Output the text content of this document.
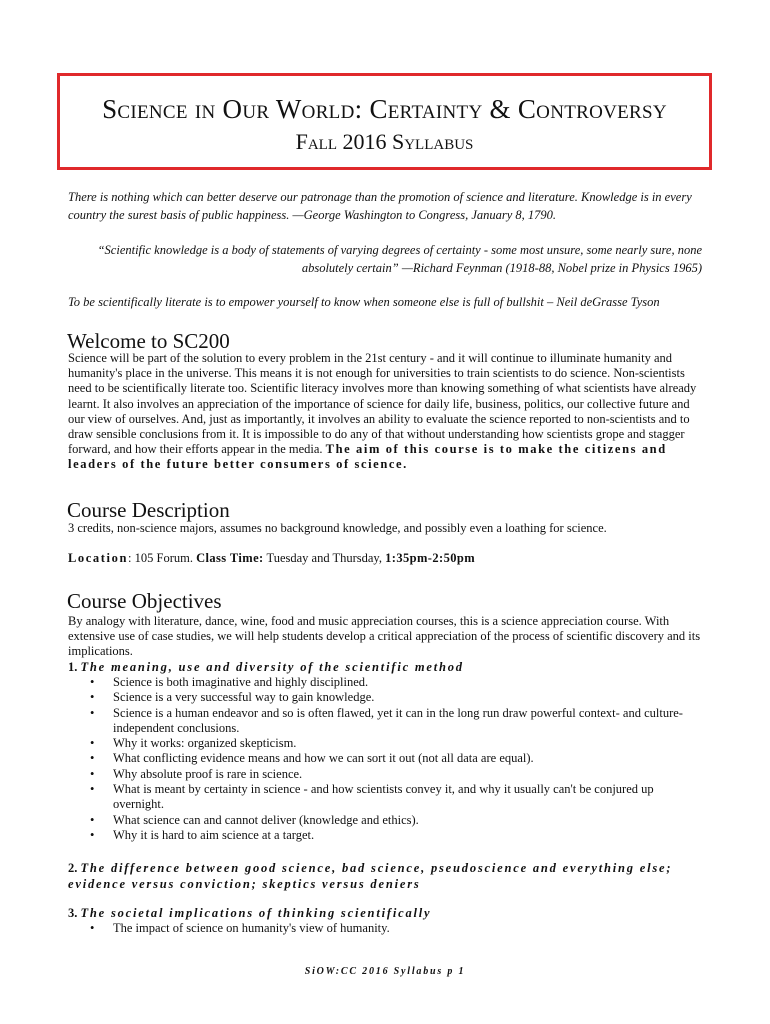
Science in Our World: Certainty & Controversy
Fall 2016 Syllabus
There is nothing which can better deserve our patronage than the promotion of science and literature. Knowledge is in every country the surest basis of public happiness. —George Washington to Congress, January 8, 1790.
“Scientific knowledge is a body of statements of varying degrees of certainty - some most unsure, some nearly sure, none absolutely certain” —Richard Feynman (1918-88, Nobel prize in Physics 1965)
To be scientifically literate is to empower yourself to know when someone else is full of bullshit – Neil deGrasse Tyson
Welcome to SC200
Science will be part of the solution to every problem in the 21st century - and it will continue to illuminate humanity and humanity's place in the universe. This means it is not enough for universities to train scientists to do science. Non-scientists need to be scientifically literate too. Scientific literacy involves more than knowing something of what scientists have already learnt. It also involves an appreciation of the importance of science for daily life, business, politics, our collective future and our view of ourselves. And, just as importantly, it involves an ability to evaluate the science reported to non-scientists and to draw sensible conclusions from it. It is impossible to do any of that without understanding how scientists grope and stagger forward, and how their efforts appear in the media. The aim of this course is to make the citizens and leaders of the future better consumers of science.
Course Description
3 credits, non-science majors, assumes no background knowledge, and possibly even a loathing for science.
Location: 105 Forum. Class Time: Tuesday and Thursday, 1:35pm-2:50pm
Course Objectives
By analogy with literature, dance, wine, food and music appreciation courses, this is a science appreciation course. With extensive use of case studies, we will help students develop a critical appreciation of the process of scientific discovery and its implications.
1. The meaning, use and diversity of the scientific method
• Science is both imaginative and highly disciplined.
• Science is a very successful way to gain knowledge.
• Science is a human endeavor and so is often flawed, yet it can in the long run draw powerful context- and culture-independent conclusions.
• Why it works: organized skepticism.
• What conflicting evidence means and how we can sort it out (not all data are equal).
• Why absolute proof is rare in science.
• What is meant by certainty in science - and how scientists convey it, and why it usually can't be conjured up overnight.
• What science can and cannot deliver (knowledge and ethics).
• Why it is hard to aim science at a target.
2. The difference between good science, bad science, pseudoscience and everything else; evidence versus conviction; skeptics versus deniers
3. The societal implications of thinking scientifically
• The impact of science on humanity's view of humanity.
SiOW:CC 2016 Syllabus p 1
